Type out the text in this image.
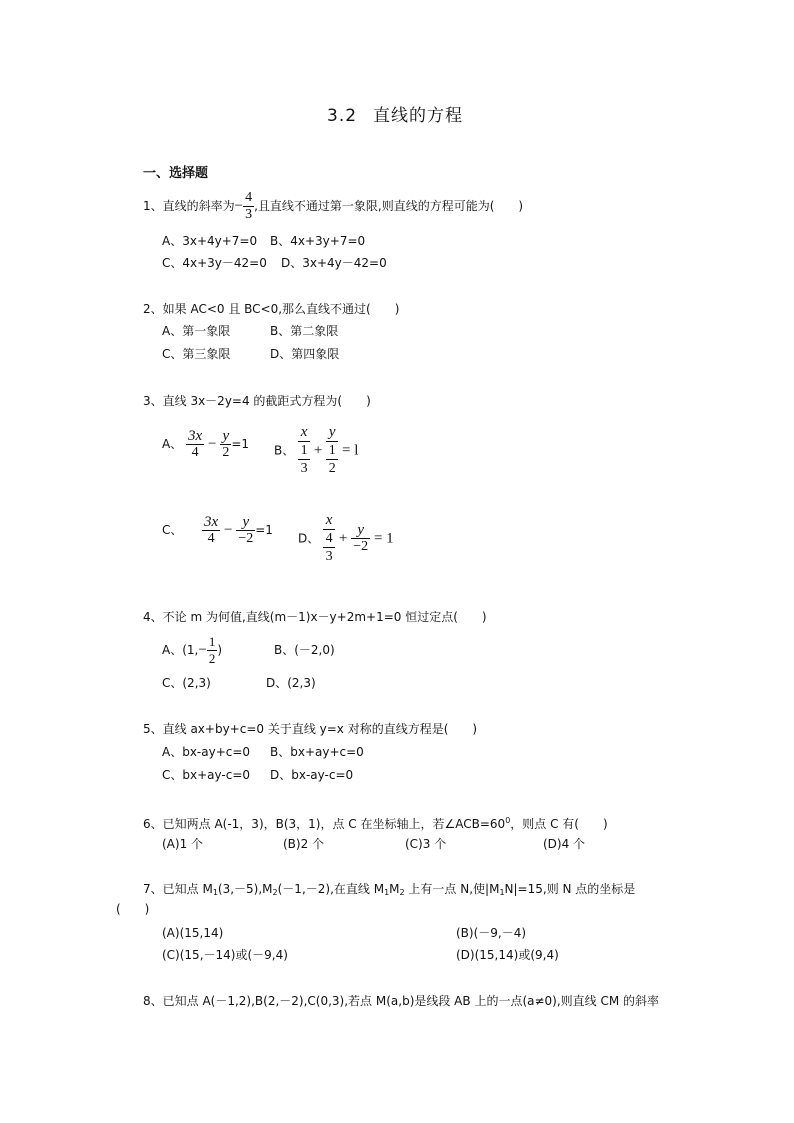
3.2 直线的方程
一、选择题
1、直线的斜率为− $\frac{4}{3}$ ,且直线不通过第一象限,则直线的方程可能为(　　)
A、3x+4y+7=0 B、4x+3y+7=0
C、4x+3y－42=0 D、3x+4y－42=0
2、如果 AC<0 且 BC<0,那么直线不通过(　　)
A、第一象限	B、第二象限
C、第三象限	D、第四象限
3、直线 3x－2y=4 的截距式方程为(　　)
A、 $\frac{3x}{4} - \frac{y}{2} =1$ B、
x
1
3
+
y
1
2
= l
C、 $\frac{3x}{4} - \frac{y}{-2} =1$
D、
x
4
3
+ $\frac{y}{-2} = 1$
4、不论 m 为何值,直线(m－1)x－y+2m+1=0 恒过定点(　　)
A、($1,- \frac{1}{2}$ )	B、(－2,0)
C、(2,3)	D、(2,3)
5、直线 ax+by+c=0 关于直线 y=x 对称的直线方程是(　　)
A、bx-ay+c=0 B、bx+ay+c=0
C、bx+ay-c=0 D、bx-ay-c=0
6、已知两点 A(-1，3)，B(3，1)，点 C 在坐标轴上，若$\angle ACB=60^0$，则点 C 有(　　)
(A)1 个	(B)2 个	(C)3 个	(D)4 个
7、已知点 $M_1(3,-5),M_2(-1,-2)$,在直线 $M_1M_2$ 上有一点 N,使$|M_1N|=15$,则 N 点的坐标是
(　　)
(A)(15,14)	(B)(－9,－4)
(C)(15,－14)或(－9,4)	(D)(15,14)或(9,4)
8、已知点 A(－1,2),B(2,－2),C(0,3),若点 M(a,b)是线段 AB 上的一点(a≠0),则直线 CM 的斜率
